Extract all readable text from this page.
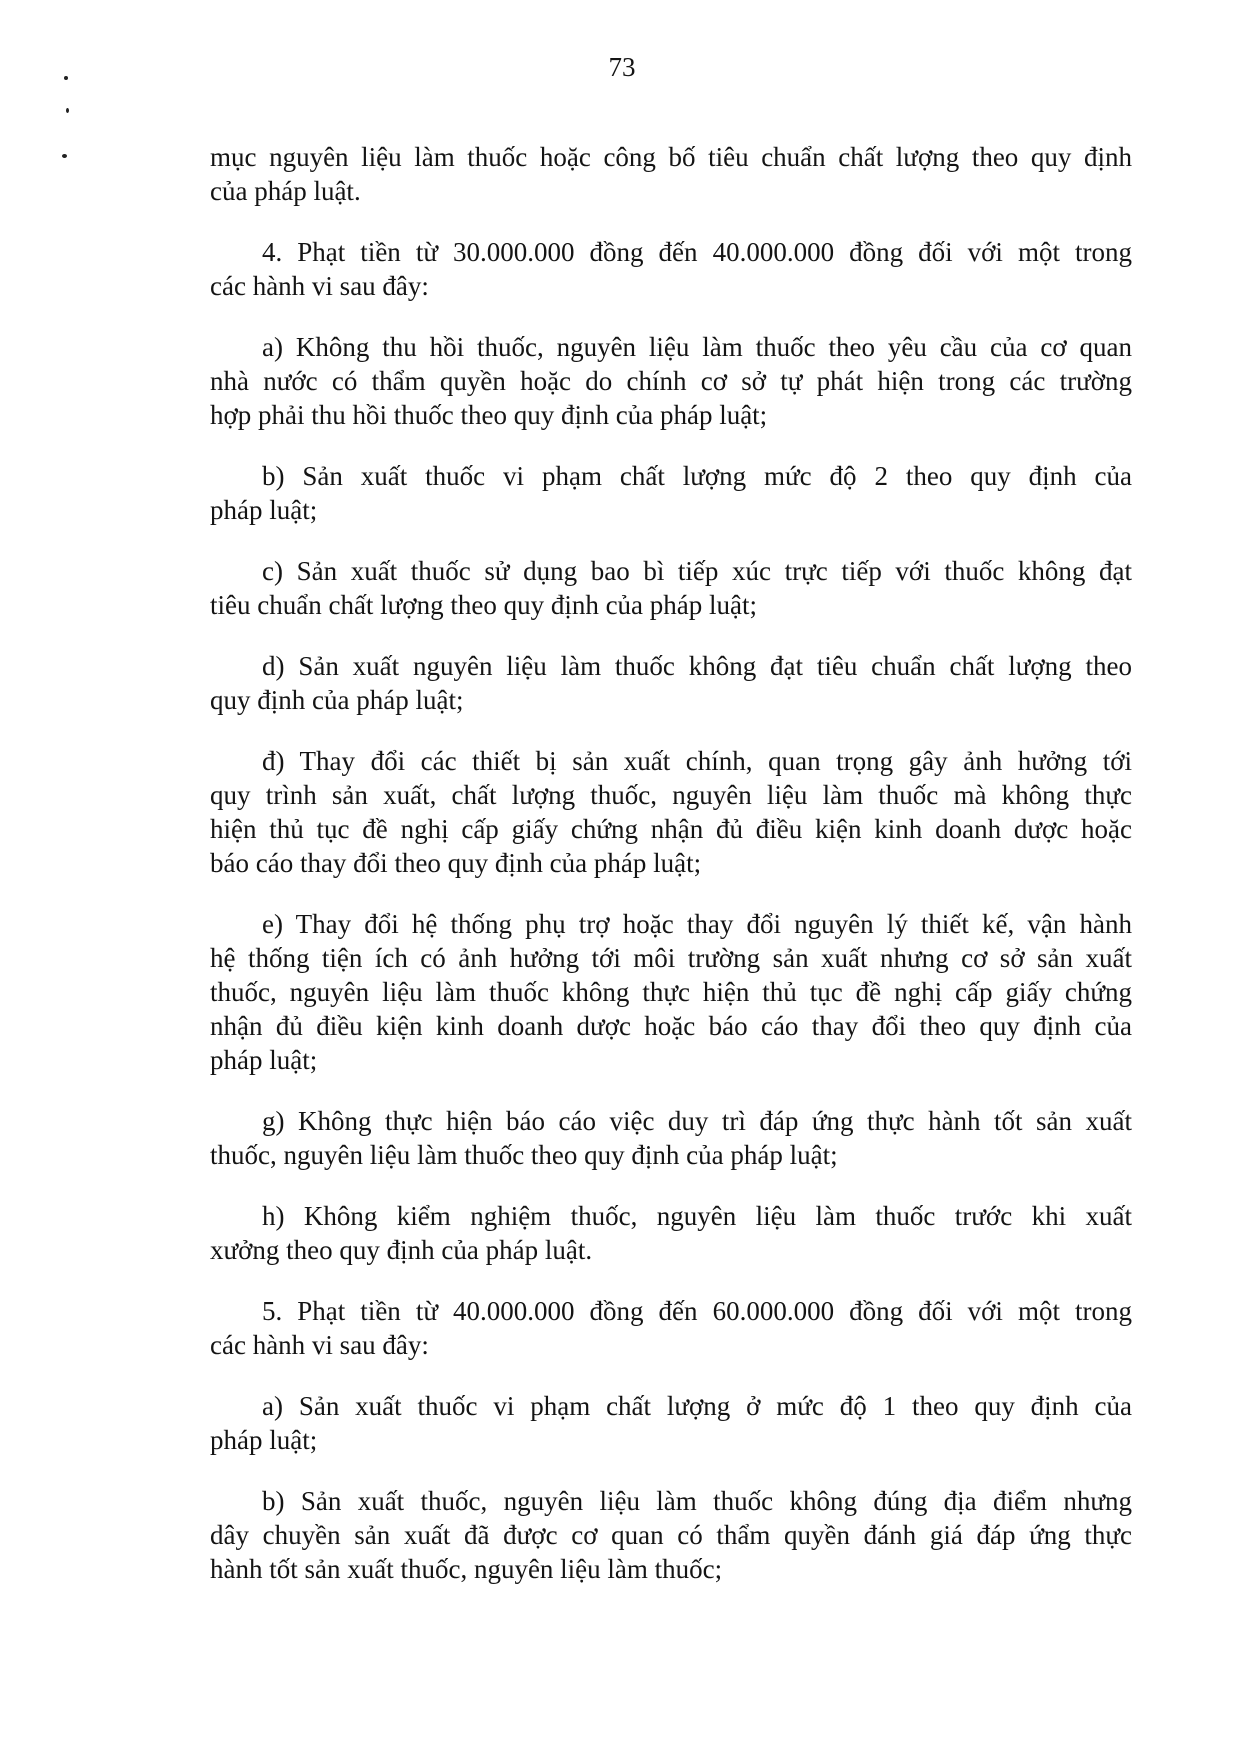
73

mục nguyên liệu làm thuốc hoặc công bố tiêu chuẩn chất lượng theo quy định
của pháp luật.

4. Phạt tiền từ 30.000.000 đồng đến 40.000.000 đồng đối với một trong
các hành vi sau đây:

a) Không thu hồi thuốc, nguyên liệu làm thuốc theo yêu cầu của cơ quan
nhà nước có thẩm quyền hoặc do chính cơ sở tự phát hiện trong các trường
hợp phải thu hồi thuốc theo quy định của pháp luật;

b) Sản xuất thuốc vi phạm chất lượng mức độ 2 theo quy định của
pháp luật;

c) Sản xuất thuốc sử dụng bao bì tiếp xúc trực tiếp với thuốc không đạt
tiêu chuẩn chất lượng theo quy định của pháp luật;

d) Sản xuất nguyên liệu làm thuốc không đạt tiêu chuẩn chất lượng theo
quy định của pháp luật;

đ) Thay đổi các thiết bị sản xuất chính, quan trọng gây ảnh hưởng tới
quy trình sản xuất, chất lượng thuốc, nguyên liệu làm thuốc mà không thực
hiện thủ tục đề nghị cấp giấy chứng nhận đủ điều kiện kinh doanh dược hoặc
báo cáo thay đổi theo quy định của pháp luật;

e) Thay đổi hệ thống phụ trợ hoặc thay đổi nguyên lý thiết kế, vận hành
hệ thống tiện ích có ảnh hưởng tới môi trường sản xuất nhưng cơ sở sản xuất
thuốc, nguyên liệu làm thuốc không thực hiện thủ tục đề nghị cấp giấy chứng
nhận đủ điều kiện kinh doanh dược hoặc báo cáo thay đổi theo quy định của
pháp luật;

g) Không thực hiện báo cáo việc duy trì đáp ứng thực hành tốt sản xuất
thuốc, nguyên liệu làm thuốc theo quy định của pháp luật;

h) Không kiểm nghiệm thuốc, nguyên liệu làm thuốc trước khi xuất
xưởng theo quy định của pháp luật.

5. Phạt tiền từ 40.000.000 đồng đến 60.000.000 đồng đối với một trong
các hành vi sau đây:

a) Sản xuất thuốc vi phạm chất lượng ở mức độ 1 theo quy định của
pháp luật;

b) Sản xuất thuốc, nguyên liệu làm thuốc không đúng địa điểm nhưng
dây chuyền sản xuất đã được cơ quan có thẩm quyền đánh giá đáp ứng thực
hành tốt sản xuất thuốc, nguyên liệu làm thuốc;
